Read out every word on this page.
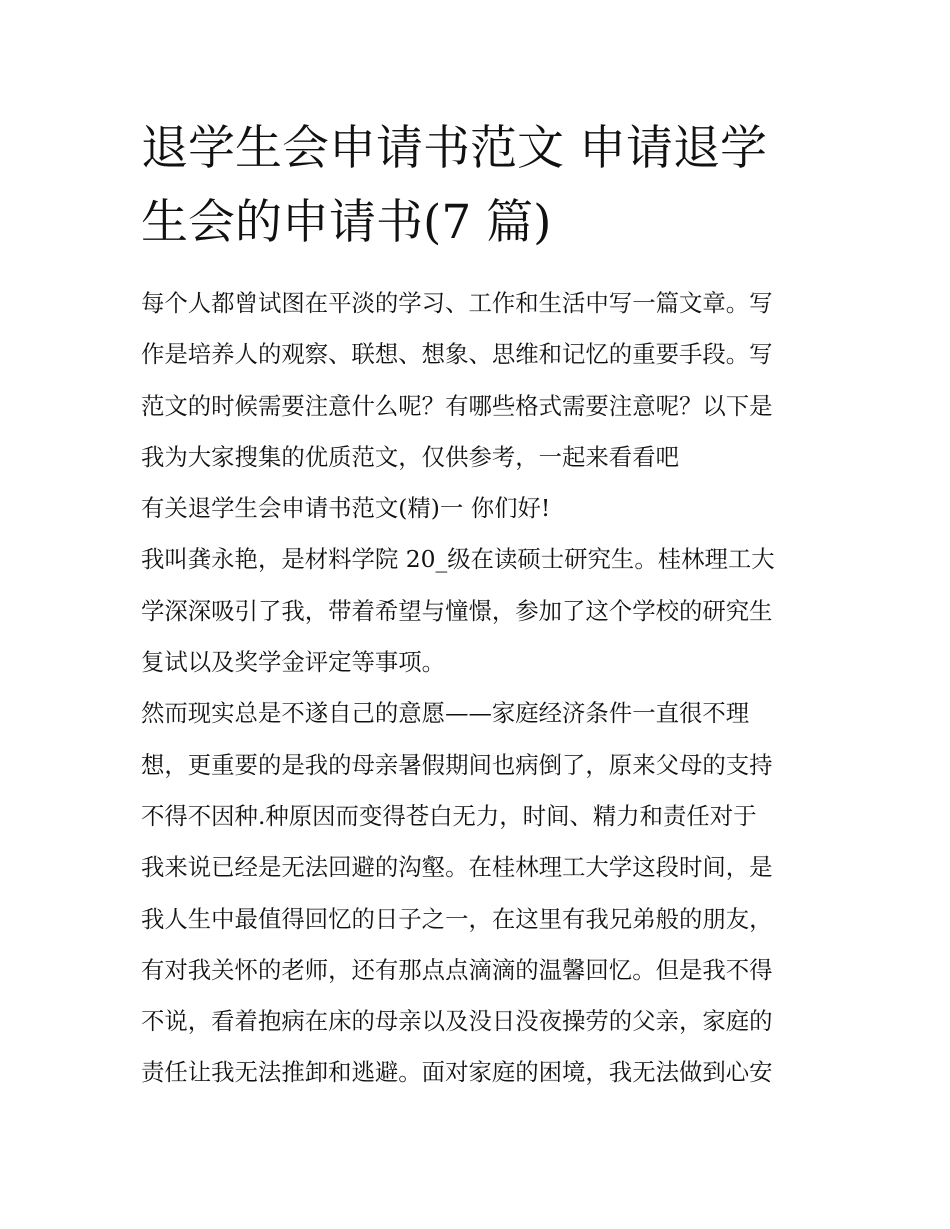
退学生会申请书范文 申请退学
生会的申请书(7 篇)
每个人都曾试图在平淡的学习、工作和生活中写一篇文章。写
作是培养人的观察、联想、想象、思维和记忆的重要手段。写
范文的时候需要注意什么呢？有哪些格式需要注意呢？以下是
我为大家搜集的优质范文，仅供参考，一起来看看吧
有关退学生会申请书范文(精)一 你们好!
我叫龚永艳，是材料学院 20_级在读硕士研究生。桂林理工大
学深深吸引了我，带着希望与憧憬，参加了这个学校的研究生
复试以及奖学金评定等事项。
然而现实总是不遂自己的意愿——家庭经济条件一直很不理
想，更重要的是我的母亲暑假期间也病倒了，原来父母的支持
不得不因种.种原因而变得苍白无力，时间、精力和责任对于
我来说已经是无法回避的沟壑。在桂林理工大学这段时间，是
我人生中最值得回忆的日子之一，在这里有我兄弟般的朋友，
有对我关怀的老师，还有那点点滴滴的温馨回忆。但是我不得
不说，看着抱病在床的母亲以及没日没夜操劳的父亲，家庭的
责任让我无法推卸和逃避。面对家庭的困境，我无法做到心安
